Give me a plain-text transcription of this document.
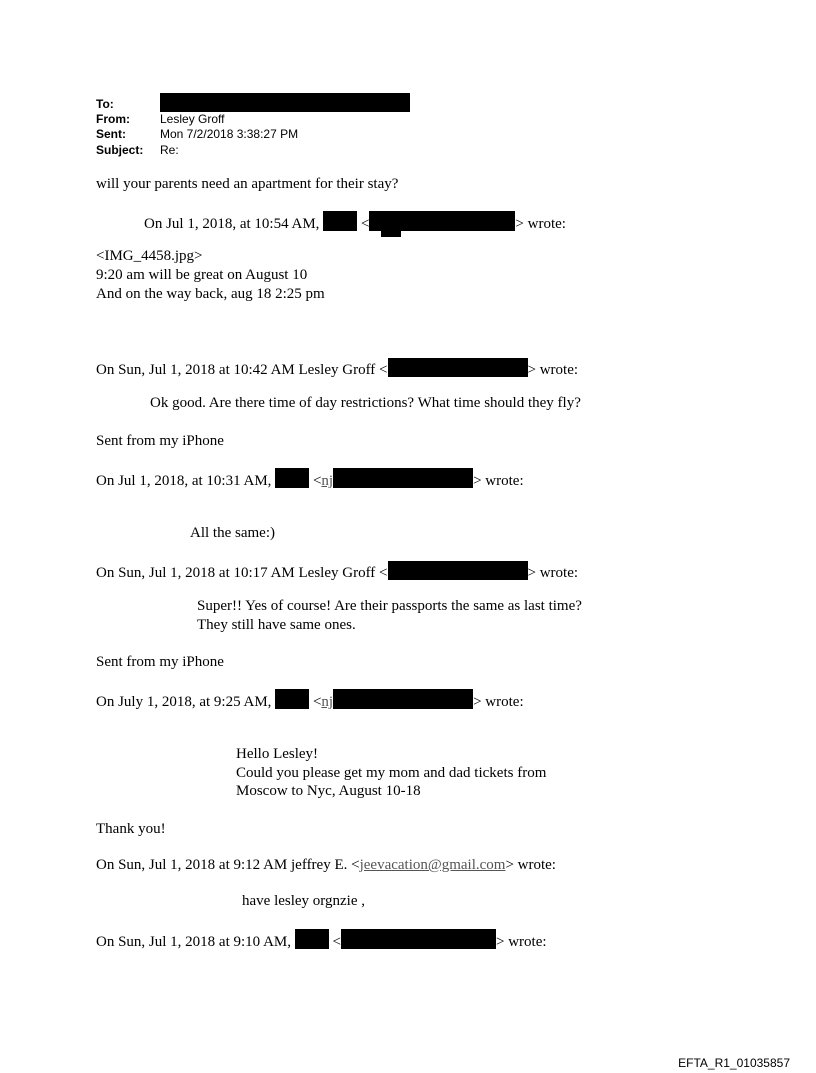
To:
From:	Lesley Groff
Sent:	Mon 7/2/2018 3:38:27 PM
Subject: Re:
will your parents need an apartment for their stay?
On Jul 1, 2018, at 10:54 AM,	<	> wrote:
<IMG_4458.jpg>
9:20 am will be great on August 10
And on the way back, aug 18 2:25 pm
On Sun, Jul 1, 2018 at 10:42 AM Lesley Groff <	> wrote:
Ok good. Are there time of day restrictions? What time should they fly?
Sent from my iPhone
On Jul 1, 2018, at 10:31 AM,	<nj	> wrote:
All the same:)
On Sun, Jul 1, 2018 at 10:17 AM Lesley Groff <	> wrote:
Super!! Yes of course! Are their passports the same as last time?
They still have same ones.
Sent from my iPhone
On July 1, 2018, at 9:25 AM,	<nj	> wrote:
Hello Lesley!
Could you please get my mom and dad tickets from
Moscow to Nyc, August 10-18
Thank you!
On Sun, Jul 1, 2018 at 9:12 AM jeffrey E. <jeevacation@gmail.com> wrote:
have lesley orgnzie ,
On Sun, Jul 1, 2018 at 9:10 AM,	<	> wrote:
EFTA_R1_01035857
